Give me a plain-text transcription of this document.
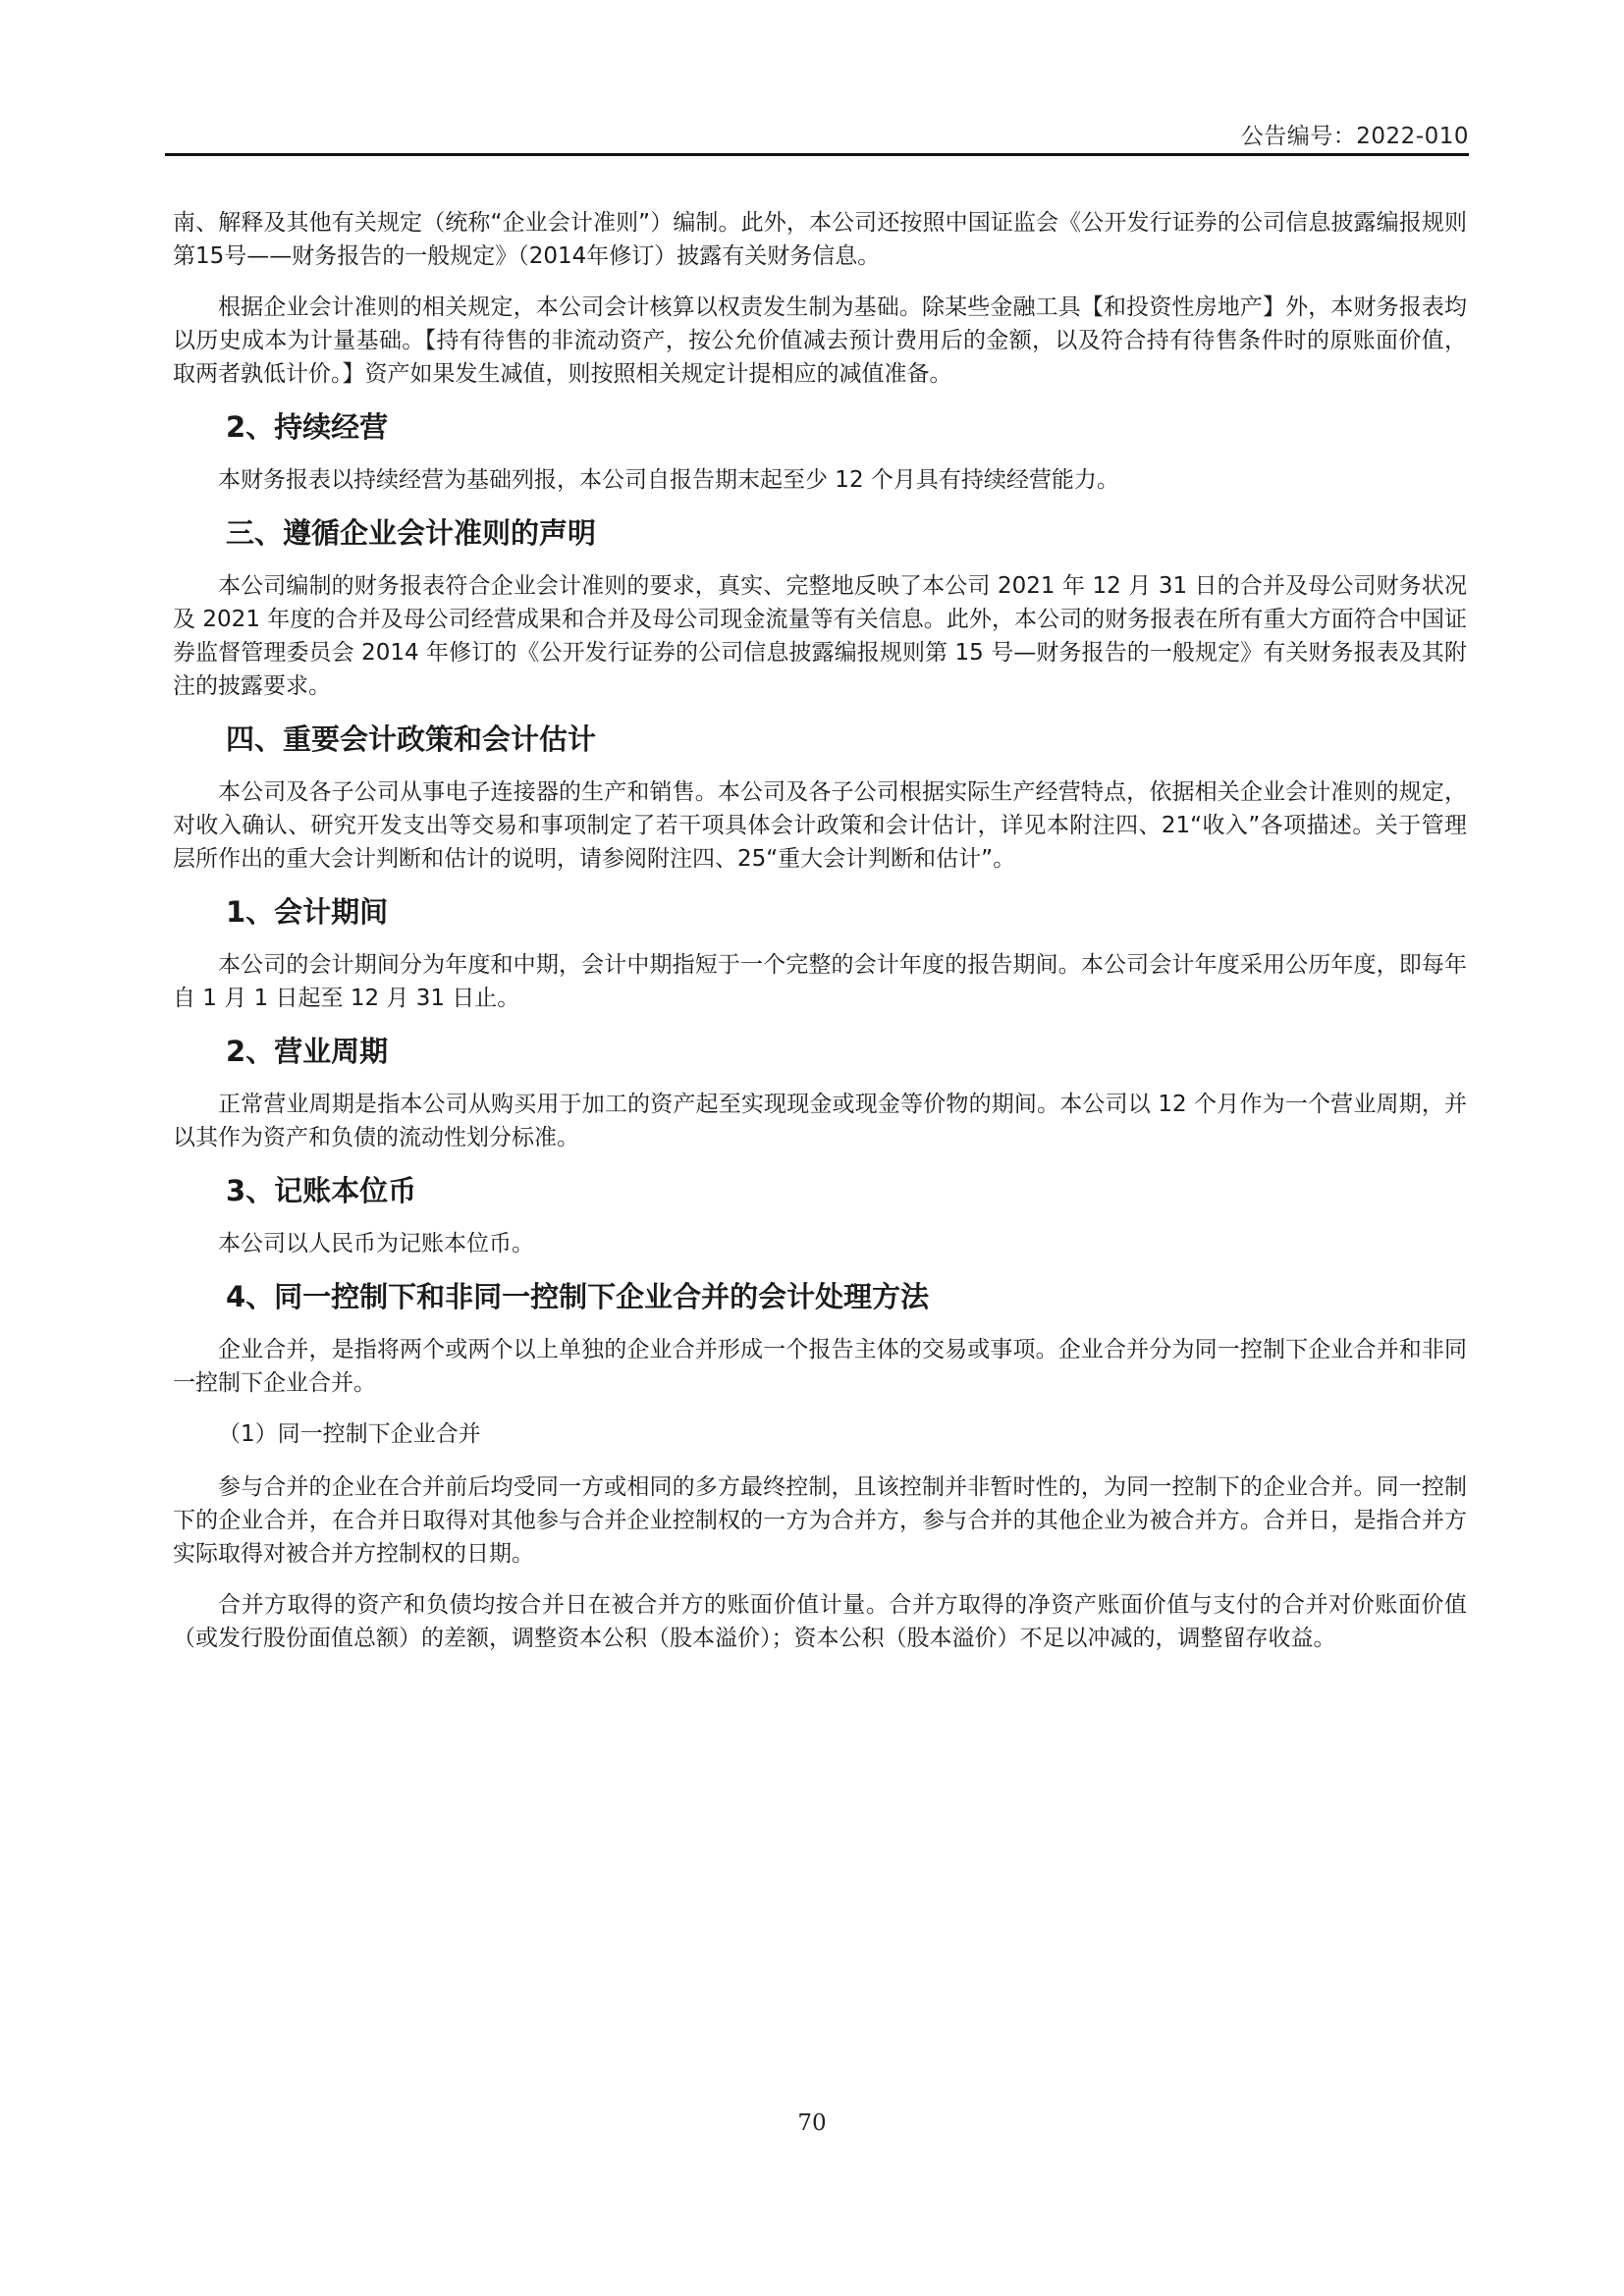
公告编号：2022-010

南、解释及其他有关规定（统称“企业会计准则”）编制。此外，本公司还按照中国证监会《公开发行证券的公司信息披露编报规则第15号——财务报告的一般规定》（2014年修订）披露有关财务信息。

根据企业会计准则的相关规定，本公司会计核算以权责发生制为基础。除某些金融工具【和投资性房地产】外，本财务报表均以历史成本为计量基础。【持有待售的非流动资产，按公允价值减去预计费用后的金额，以及符合持有待售条件时的原账面价值，取两者孰低计价。】资产如果发生减值，则按照相关规定计提相应的减值准备。

2、持续经营

本财务报表以持续经营为基础列报，本公司自报告期末起至少 12 个月具有持续经营能力。

三、遵循企业会计准则的声明

本公司编制的财务报表符合企业会计准则的要求，真实、完整地反映了本公司 2021 年 12 月 31 日的合并及母公司财务状况及 2021 年度的合并及母公司经营成果和合并及母公司现金流量等有关信息。此外，本公司的财务报表在所有重大方面符合中国证券监督管理委员会 2014 年修订的《公开发行证券的公司信息披露编报规则第 15 号—财务报告的一般规定》有关财务报表及其附注的披露要求。

四、重要会计政策和会计估计

本公司及各子公司从事电子连接器的生产和销售。本公司及各子公司根据实际生产经营特点，依据相关企业会计准则的规定，对收入确认、研究开发支出等交易和事项制定了若干项具体会计政策和会计估计，详见本附注四、21“收入”各项描述。关于管理层所作出的重大会计判断和估计的说明，请参阅附注四、25“重大会计判断和估计”。

1、会计期间

本公司的会计期间分为年度和中期，会计中期指短于一个完整的会计年度的报告期间。本公司会计年度采用公历年度，即每年自 1 月 1 日起至 12 月 31 日止。

2、营业周期

正常营业周期是指本公司从购买用于加工的资产起至实现现金或现金等价物的期间。本公司以 12 个月作为一个营业周期，并以其作为资产和负债的流动性划分标准。

3、记账本位币

本公司以人民币为记账本位币。

4、同一控制下和非同一控制下企业合并的会计处理方法

企业合并，是指将两个或两个以上单独的企业合并形成一个报告主体的交易或事项。企业合并分为同一控制下企业合并和非同一控制下企业合并。

（1）同一控制下企业合并

参与合并的企业在合并前后均受同一方或相同的多方最终控制，且该控制并非暂时性的，为同一控制下的企业合并。同一控制下的企业合并，在合并日取得对其他参与合并企业控制权的一方为合并方，参与合并的其他企业为被合并方。合并日，是指合并方实际取得对被合并方控制权的日期。

合并方取得的资产和负债均按合并日在被合并方的账面价值计量。合并方取得的净资产账面价值与支付的合并对价账面价值（或发行股份面值总额）的差额，调整资本公积（股本溢价）；资本公积（股本溢价）不足以冲减的，调整留存收益。

70
